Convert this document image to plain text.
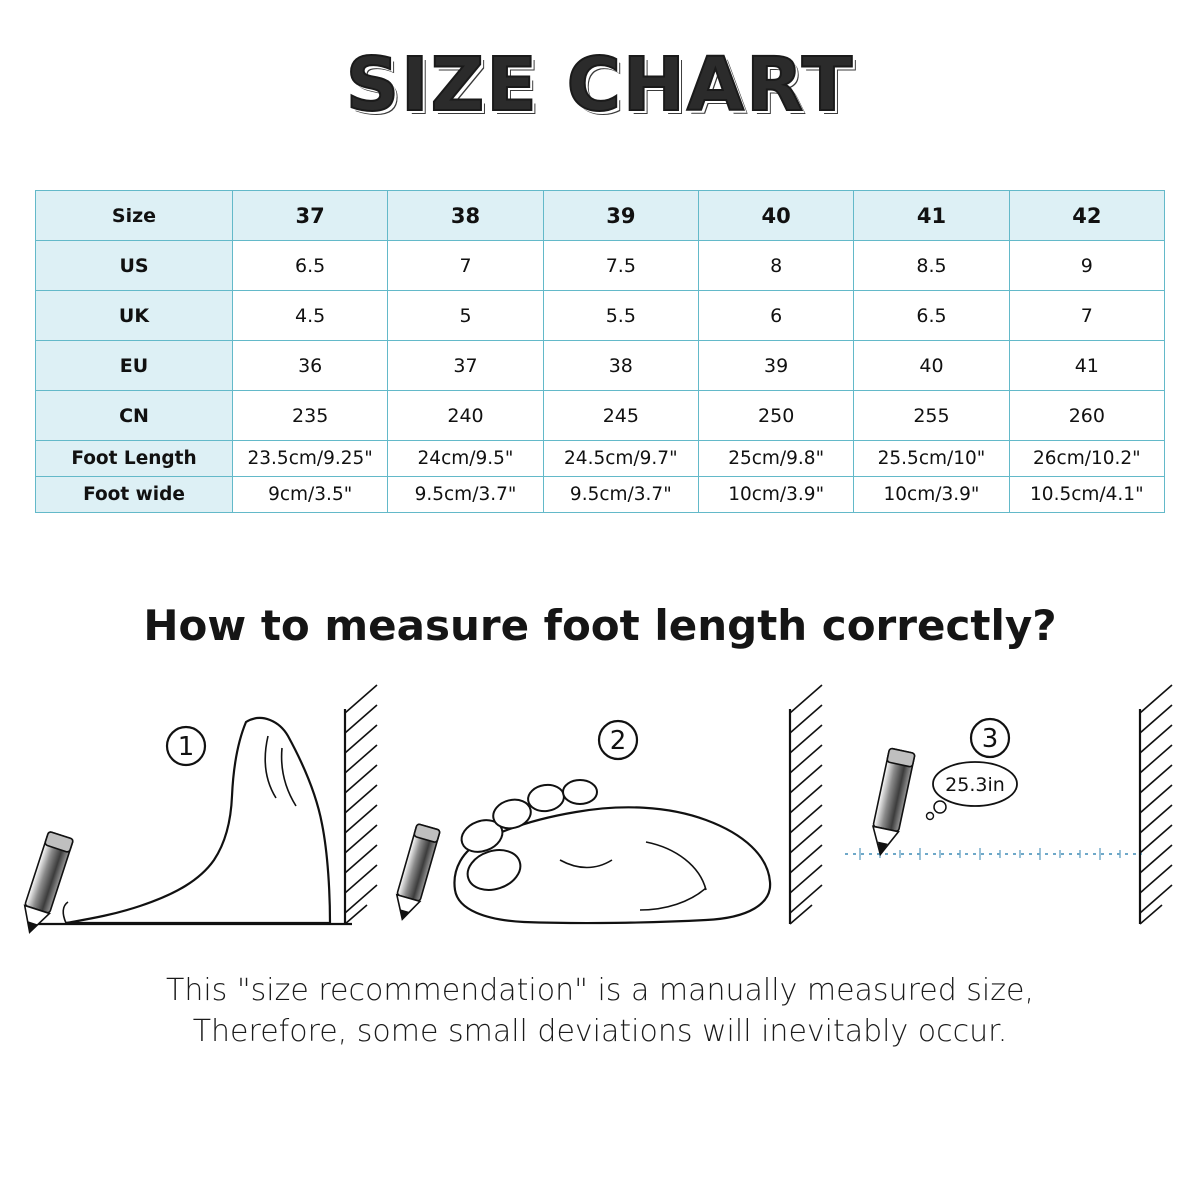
SIZE CHART
Size	37	38	39	40	41	42
US	6.5	7	7.5	8	8.5	9
UK	4.5	5	5.5	6	6.5	7
EU	36	37	38	39	40	41
CN	235	240	245	250	255	260
Foot Length	23.5cm/9.25"	24cm/9.5"	24.5cm/9.7"	25cm/9.8"	25.5cm/10"	26cm/10.2"
Foot wide	9cm/3.5"	9.5cm/3.7"	9.5cm/3.7"	10cm/3.9"	10cm/3.9"	10.5cm/4.1"
How to measure foot length correctly?
1	2
25.3in
3
This "size recommendation" is a manually measured size,
Therefore, some small deviations will inevitably occur.
